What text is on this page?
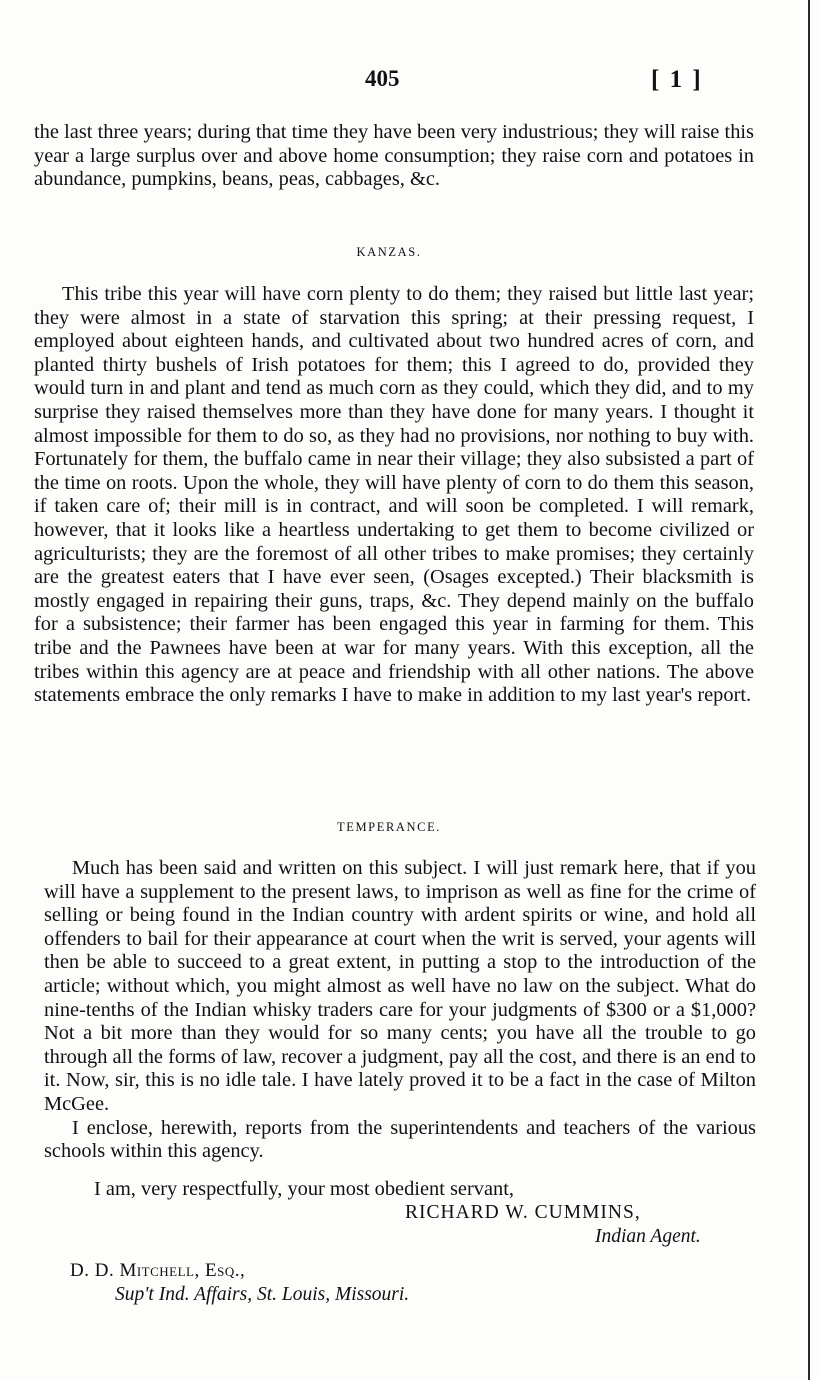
405	[ 1 ]

the last three years; during that time they have been very industrious; they will raise this year a large surplus over and above home consumption; they raise corn and potatoes in abundance, pumpkins, beans, peas, cabbages, &c.

KANZAS.

This tribe this year will have corn plenty to do them; they raised but little last year; they were almost in a state of starvation this spring; at their pressing request, I employed about eighteen hands, and cultivated about two hundred acres of corn, and planted thirty bushels of Irish potatoes for them; this I agreed to do, provided they would turn in and plant and tend as much corn as they could, which they did, and to my surprise they raised themselves more than they have done for many years. I thought it almost impossible for them to do so, as they had no provisions, nor nothing to buy with. Fortunately for them, the buffalo came in near their village; they also subsisted a part of the time on roots. Upon the whole, they will have plenty of corn to do them this season, if taken care of; their mill is in contract, and will soon be completed. I will remark, however, that it looks like a heartless undertaking to get them to become civilized or agriculturists; they are the foremost of all other tribes to make promises; they certainly are the greatest eaters that I have ever seen, (Osages excepted.) Their blacksmith is mostly engaged in repairing their guns, traps, &c. They depend mainly on the buffalo for a subsistence; their farmer has been engaged this year in farming for them. This tribe and the Pawnees have been at war for many years. With this exception, all the tribes within this agency are at peace and friendship with all other nations. The above statements embrace the only remarks I have to make in addition to my last year's report.

TEMPERANCE.

Much has been said and written on this subject. I will just remark here, that if you will have a supplement to the present laws, to imprison as well as fine for the crime of selling or being found in the Indian country with ardent spirits or wine, and hold all offenders to bail for their appearance at court when the writ is served, your agents will then be able to succeed to a great extent, in putting a stop to the introduction of the article; without which, you might almost as well have no law on the subject. What do nine-tenths of the Indian whisky traders care for your judgments of $300 or a $1,000? Not a bit more than they would for so many cents; you have all the trouble to go through all the forms of law, recover a judgment, pay all the cost, and there is an end to it. Now, sir, this is no idle tale. I have lately proved it to be a fact in the case of Milton McGee.

I enclose, herewith, reports from the superintendents and teachers of the various schools within this agency.

I am, very respectfully, your most obedient servant,
RICHARD W. CUMMINS,
Indian Agent.
D. D. Mitchell, Esq.,
Sup't Ind. Affairs, St. Louis, Missouri.
